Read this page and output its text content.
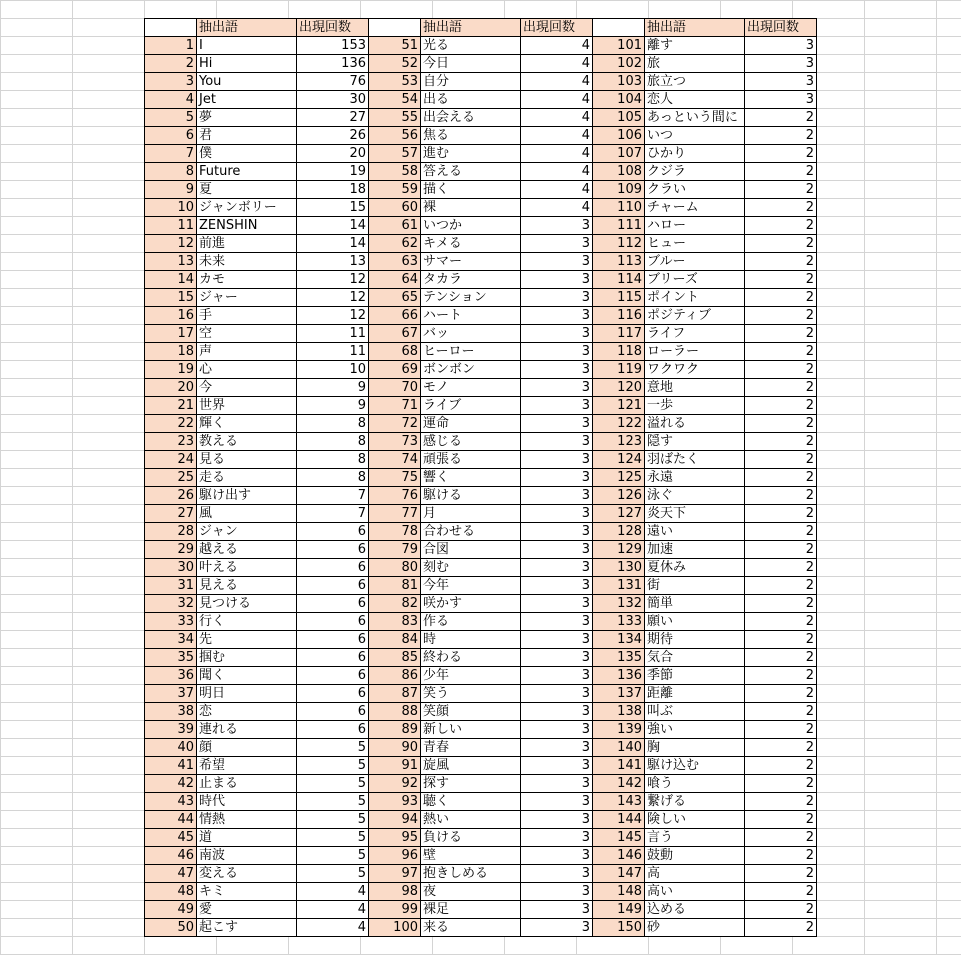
	抽出語	出現回数		抽出語	出現回数		抽出語	出現回数
1	I	153	51	光る	4	101	離す	3
2	Hi	136	52	今日	4	102	旅	3
3	You	76	53	自分	4	103	旅立つ	3
4	Jet	30	54	出る	4	104	恋人	3
5	夢	27	55	出会える	4	105	あっという間に	2
6	君	26	56	焦る	4	106	いつ	2
7	僕	20	57	進む	4	107	ひかり	2
8	Future	19	58	答える	4	108	クジラ	2
9	夏	18	59	描く	4	109	クラい	2
10	ジャンボリー	15	60	裸	4	110	チャーム	2
11	ZENSHIN	14	61	いつか	3	111	ハロー	2
12	前進	14	62	キメる	3	112	ヒュー	2
13	未来	13	63	サマー	3	113	ブルー	2
14	カモ	12	64	タカラ	3	114	ブリーズ	2
15	ジャー	12	65	テンション	3	115	ポイント	2
16	手	12	66	ハート	3	116	ポジティブ	2
17	空	11	67	バッ	3	117	ライフ	2
18	声	11	68	ヒーロー	3	118	ローラー	2
19	心	10	69	ボンボン	3	119	ワクワク	2
20	今	9	70	モノ	3	120	意地	2
21	世界	9	71	ライブ	3	121	一歩	2
22	輝く	8	72	運命	3	122	溢れる	2
23	教える	8	73	感じる	3	123	隠す	2
24	見る	8	74	頑張る	3	124	羽ばたく	2
25	走る	8	75	響く	3	125	永遠	2
26	駆け出す	7	76	駆ける	3	126	泳ぐ	2
27	風	7	77	月	3	127	炎天下	2
28	ジャン	6	78	合わせる	3	128	遠い	2
29	越える	6	79	合図	3	129	加速	2
30	叶える	6	80	刻む	3	130	夏休み	2
31	見える	6	81	今年	3	131	街	2
32	見つける	6	82	咲かす	3	132	簡単	2
33	行く	6	83	作る	3	133	願い	2
34	先	6	84	時	3	134	期待	2
35	掴む	6	85	終わる	3	135	気合	2
36	聞く	6	86	少年	3	136	季節	2
37	明日	6	87	笑う	3	137	距離	2
38	恋	6	88	笑顔	3	138	叫ぶ	2
39	連れる	6	89	新しい	3	139	強い	2
40	顔	5	90	青春	3	140	胸	2
41	希望	5	91	旋風	3	141	駆け込む	2
42	止まる	5	92	探す	3	142	喰う	2
43	時代	5	93	聴く	3	143	繋げる	2
44	情熱	5	94	熱い	3	144	険しい	2
45	道	5	95	負ける	3	145	言う	2
46	南波	5	96	壁	3	146	鼓動	2
47	変える	5	97	抱きしめる	3	147	高	2
48	キミ	4	98	夜	3	148	高い	2
49	愛	4	99	裸足	3	149	込める	2
50	起こす	4	100	来る	3	150	砂	2
